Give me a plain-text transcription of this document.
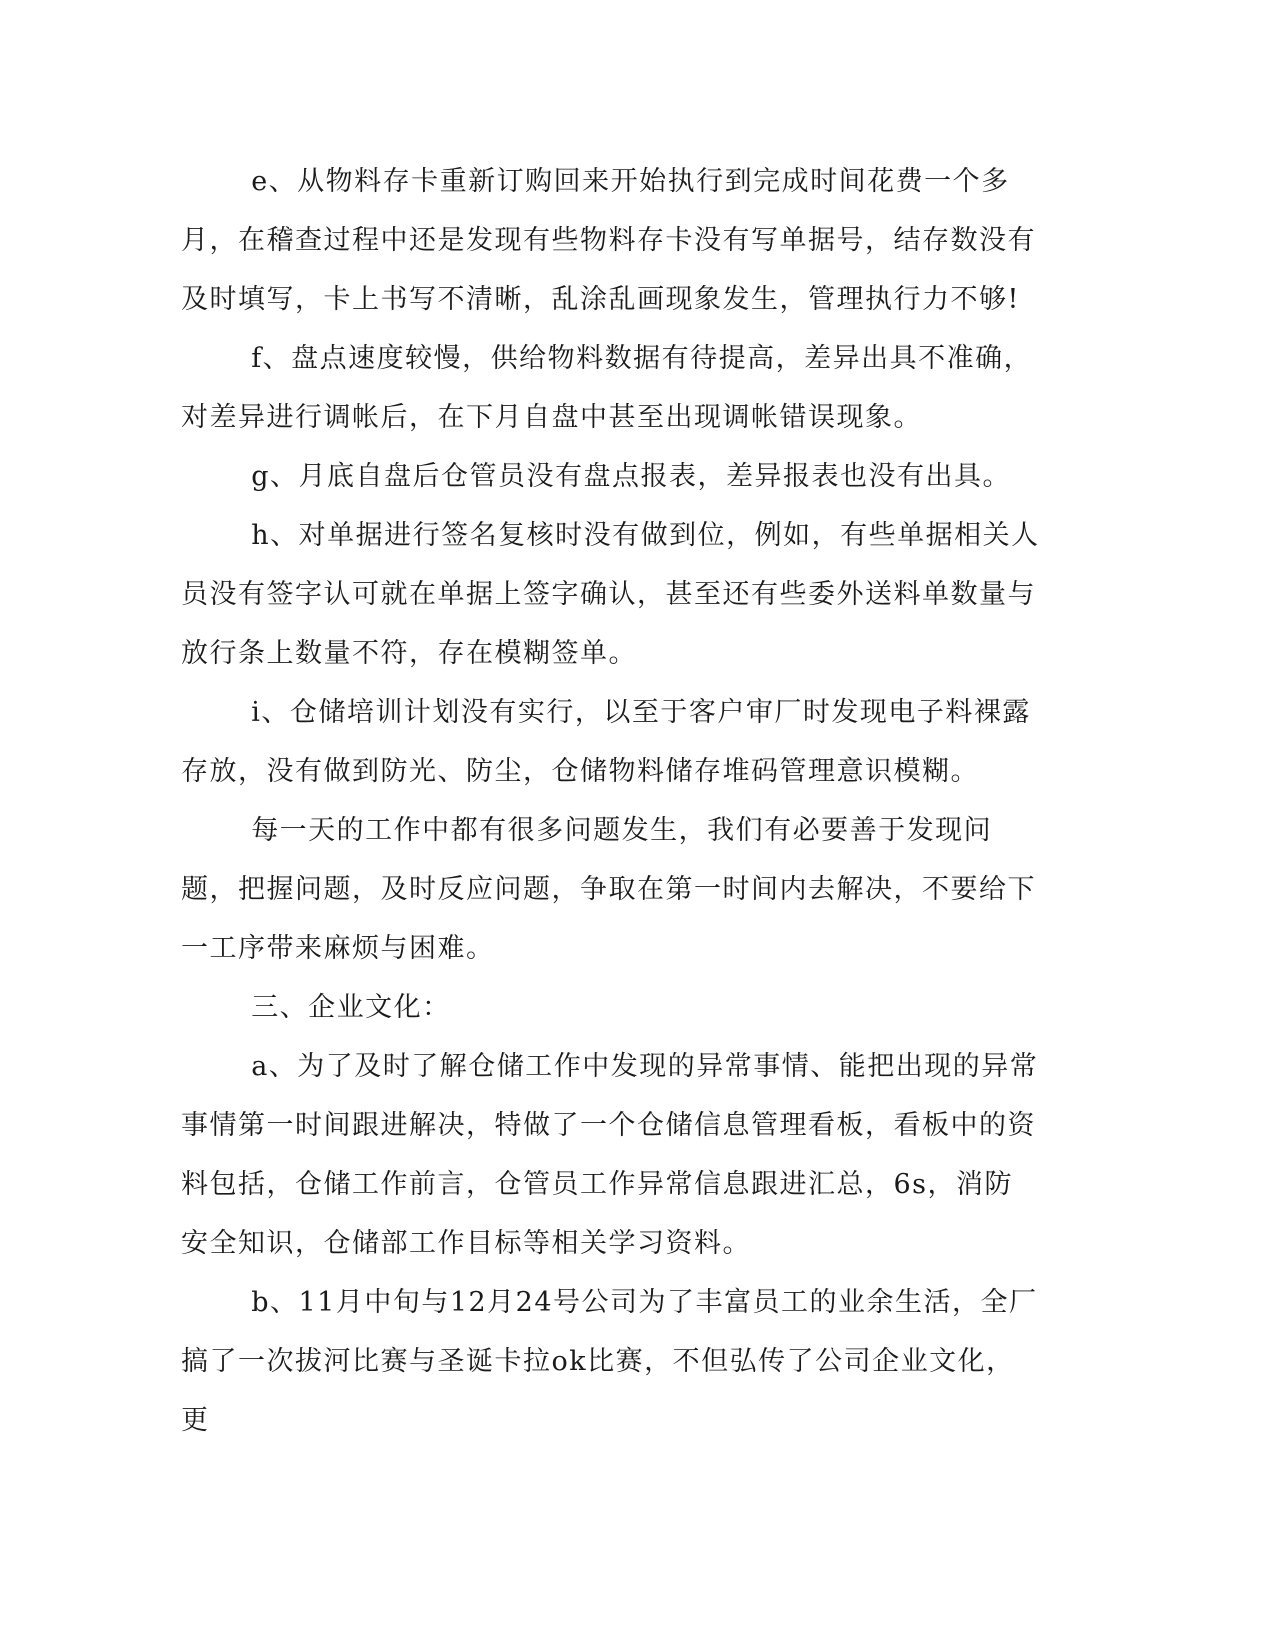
e、从物料存卡重新订购回来开始执行到完成时间花费一个多月，在稽查过程中还是发现有些物料存卡没有写单据号，结存数没有及时填写，卡上书写不清晰，乱涂乱画现象发生，管理执行力不够!

f、盘点速度较慢，供给物料数据有待提高，差异出具不准确，对差异进行调帐后，在下月自盘中甚至出现调帐错误现象。

g、月底自盘后仓管员没有盘点报表，差异报表也没有出具。

h、对单据进行签名复核时没有做到位，例如，有些单据相关人员没有签字认可就在单据上签字确认，甚至还有些委外送料单数量与放行条上数量不符，存在模糊签单。

i、仓储培训计划没有实行，以至于客户审厂时发现电子料裸露存放，没有做到防光、防尘，仓储物料储存堆码管理意识模糊。

每一天的工作中都有很多问题发生，我们有必要善于发现问题，把握问题，及时反应问题，争取在第一时间内去解决，不要给下一工序带来麻烦与困难。

三、企业文化：

a、为了及时了解仓储工作中发现的异常事情、能把出现的异常事情第一时间跟进解决，特做了一个仓储信息管理看板，看板中的资料包括，仓储工作前言，仓管员工作异常信息跟进汇总，6s，消防安全知识，仓储部工作目标等相关学习资料。

b、11月中旬与12月24号公司为了丰富员工的业余生活，全厂搞了一次拔河比赛与圣诞卡拉ok比赛，不但弘传了公司企业文化，更
